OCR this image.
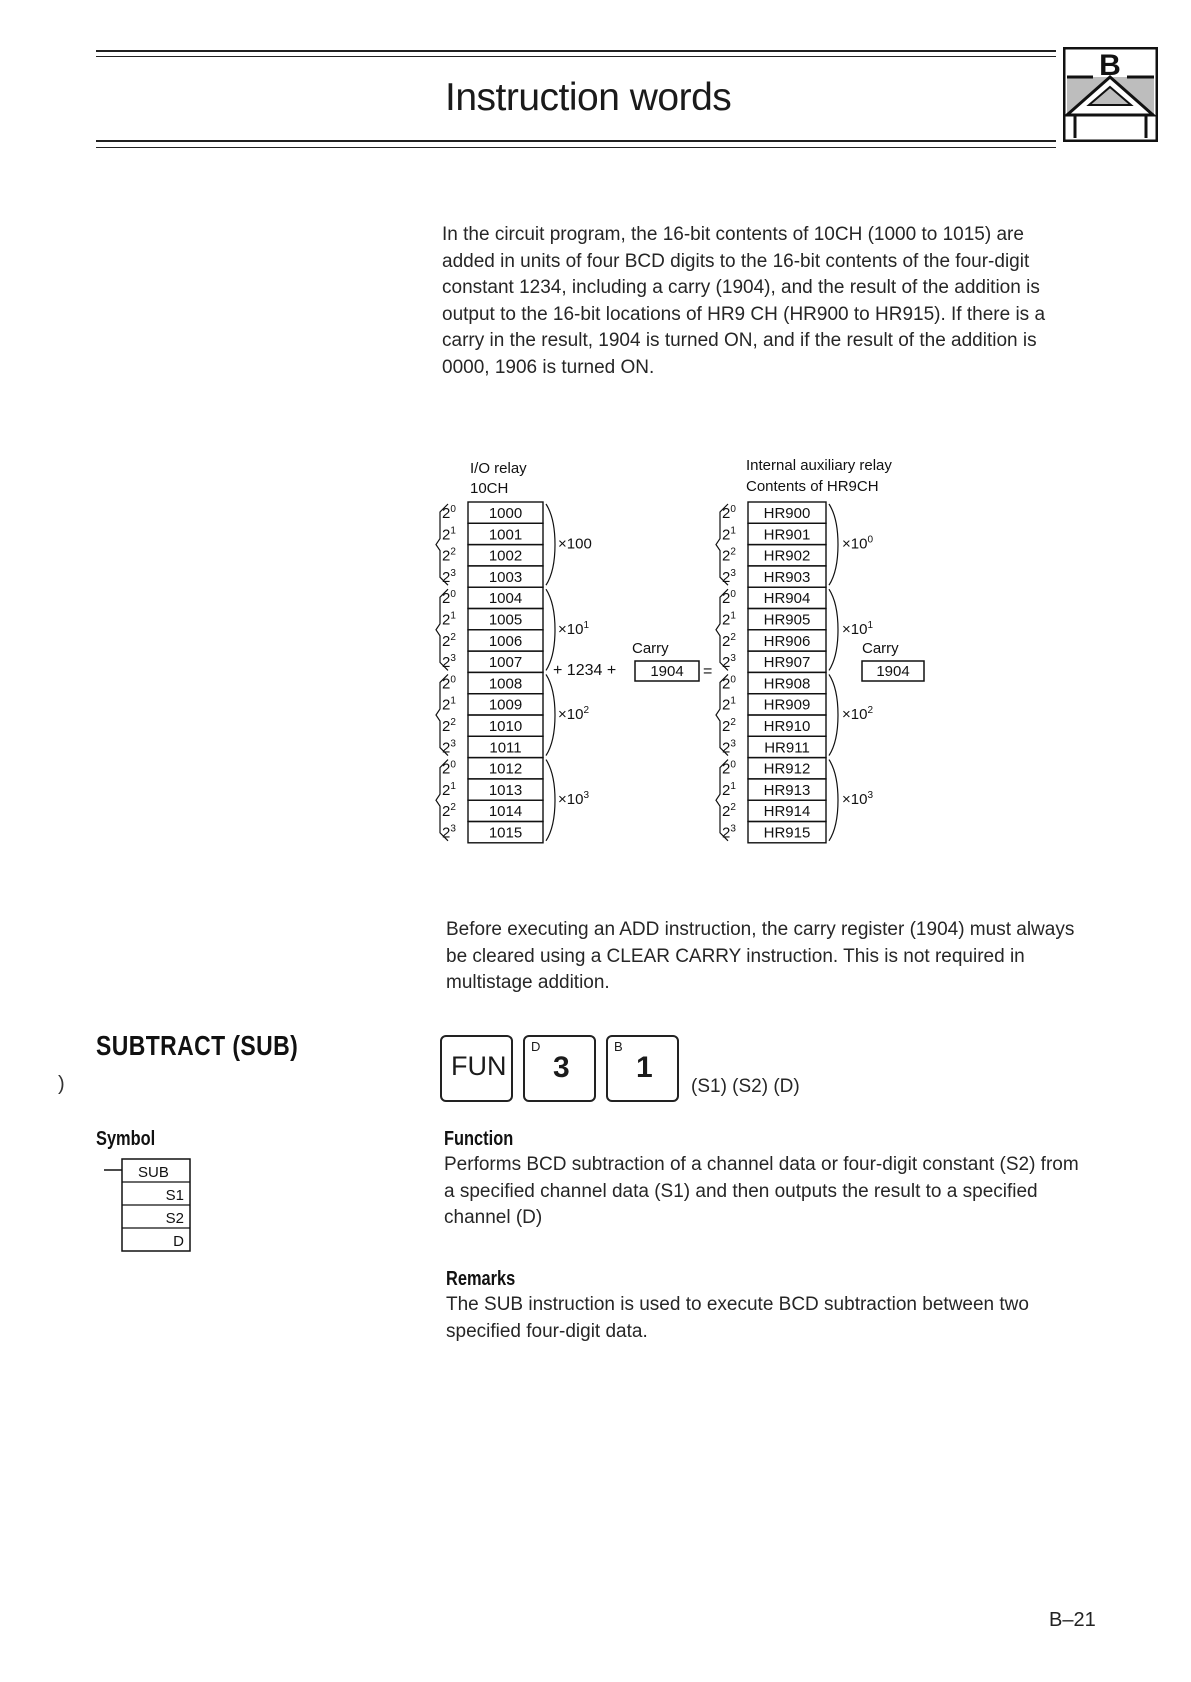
Instruction words
B

In the circuit program, the 16-bit contents of 10CH (1000 to 1015) are added in units of four BCD digits to the 16-bit contents of the four-digit constant 1234, including a carry (1904), and the result of the addition is output to the 16-bit locations of HR9 CH (HR900 to HR915). If there is a carry in the result, 1904 is turned ON, and if the result of the addition is 0000, 1906 is turned ON.

I/O relay
10CH
Internal auxiliary relay
Contents of HR9CH
1000
$2^0$
1001
$2^1$
1002
$2^2$
1003
$2^3$
1004
$2^0$
1005
$2^1$
1006
$2^2$
1007
$2^3$
1008
$2^0$
1009
$2^1$
1010
$2^2$
1011
$2^3$
1012
$2^0$
1013
$2^1$
1014
$2^2$
1015
$2^3$
×100
$\times 10^1$
$\times 10^2$
$\times 10^3$
HR900
$2^0$
HR901
$2^1$
HR902
$2^2$
HR903
$2^3$
HR904
$2^0$
HR905
$2^1$
HR906
$2^2$
HR907
$2^3$
HR908
$2^0$
HR909
$2^1$
HR910
$2^2$
HR911
$2^3$
HR912
$2^0$
HR913
$2^1$
HR914
$2^2$
HR915
$2^3$
$\times 10^0$
$\times 10^1$
$\times 10^2$
$\times 10^3$
+ 1234 +
Carry
1904 =
Carry
1904

Before executing an ADD instruction, the carry register (1904) must always be cleared using a CLEAR CARRY instruction. This is not required in multistage addition.

SUBTRACT (SUB)
)
FUN
D
3
B
1
(S1) (S2) (D)
Symbol
SUB
S1
S2
D
Function

Performs BCD subtraction of a channel data or four-digit constant (S2) from a specified channel data (S1) and then outputs the result to a specified channel (D)

Remarks

The SUB instruction is used to execute BCD subtraction between two specified four-digit data.

B–21
